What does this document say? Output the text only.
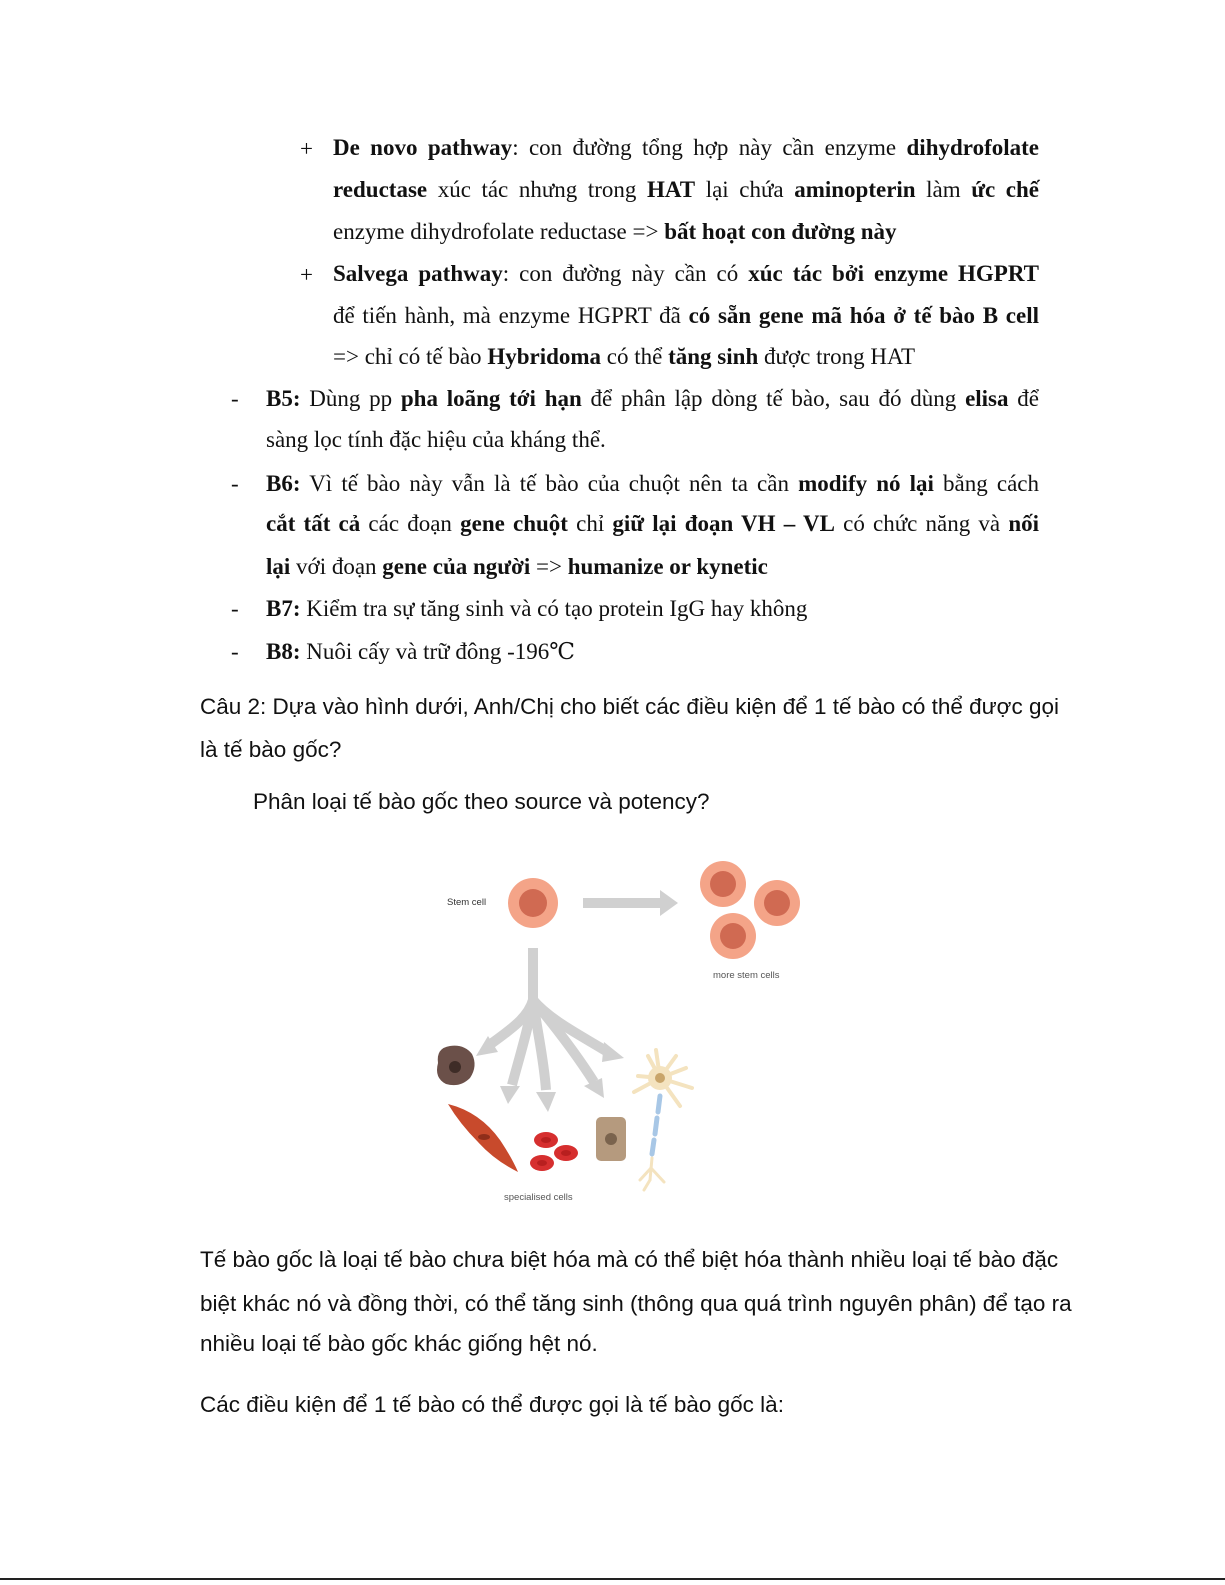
+ De novo pathway: con đường tổng hợp này cần enzyme dihydrofolate
reductase xúc tác nhưng trong HAT lại chứa aminopterin làm ức chế
enzyme dihydrofolate reductase => bất hoạt con đường này
+ Salvega pathway: con đường này cần có xúc tác bởi enzyme HGPRT
để tiến hành, mà enzyme HGPRT đã có sẵn gene mã hóa ở tế bào B cell
=> chỉ có tế bào Hybridoma có thể tăng sinh được trong HAT
- B5: Dùng pp pha loãng tới hạn để phân lập dòng tế bào, sau đó dùng elisa để
sàng lọc tính đặc hiệu của kháng thể.
- B6: Vì tế bào này vẫn là tế bào của chuột nên ta cần modify nó lại bằng cách
cắt tất cả các đoạn gene chuột chỉ giữ lại đoạn VH – VL có chức năng và nối
lại với đoạn gene của người => humanize or kynetic
- B7: Kiểm tra sự tăng sinh và có tạo protein IgG hay không
- B8: Nuôi cấy và trữ đông -196℃
Câu 2: Dựa vào hình dưới, Anh/Chị cho biết các điều kiện để 1 tế bào có thể được gọi
là tế bào gốc?
Phân loại tế bào gốc theo source và potency?
Stem cell
more stem cells
specialised cells
Tế bào gốc là loại tế bào chưa biệt hóa mà có thể biệt hóa thành nhiều loại tế bào đặc
biệt khác nó và đồng thời, có thể tăng sinh (thông qua quá trình nguyên phân) để tạo ra
nhiều loại tế bào gốc khác giống hệt nó.
Các điều kiện để 1 tế bào có thể được gọi là tế bào gốc là:
